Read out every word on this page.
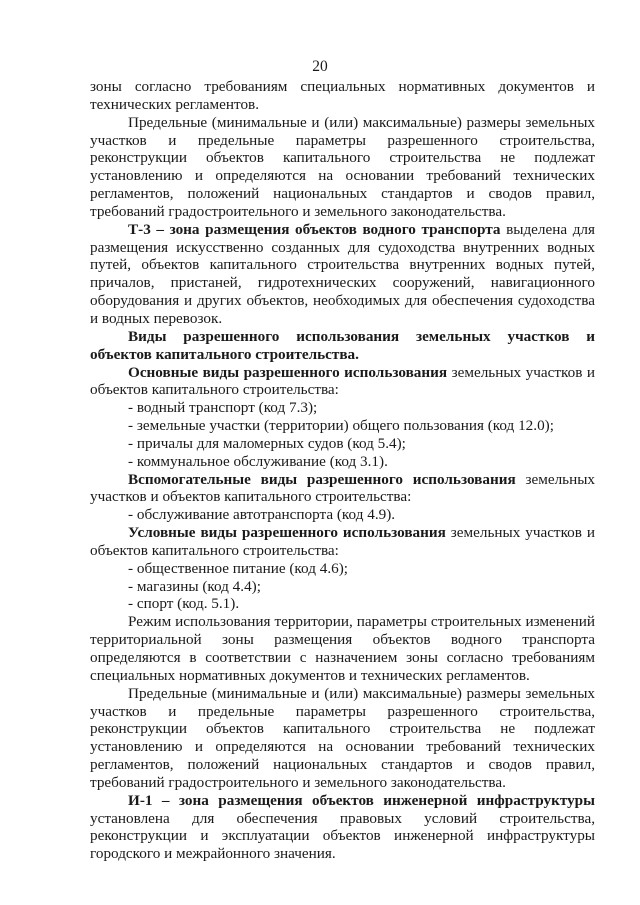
20

зоны согласно требованиям специальных нормативных документов и технических регламентов.

Предельные (минимальные и (или) максимальные) размеры земельных участков и предельные параметры разрешенного строительства, реконструкции объектов капитального строительства не подлежат установлению и определяются на основании требований технических регламентов, положений национальных стандартов и сводов правил, требований градостроительного и земельного законодательства.

Т-3 – зона размещения объектов водного транспорта выделена для размещения искусственно созданных для судоходства внутренних водных путей, объектов капитального строительства внутренних водных путей, причалов, пристаней, гидротехнических сооружений, навигационного оборудования и других объектов, необходимых для обеспечения судоходства и водных перевозок.

Виды разрешенного использования земельных участков и объектов капитального строительства.

Основные виды разрешенного использования земельных участков и объектов капитального строительства:

- водный транспорт (код 7.3);

- земельные участки (территории) общего пользования (код 12.0);

- причалы для маломерных судов (код 5.4);

- коммунальное обслуживание (код 3.1).

Вспомогательные виды разрешенного использования земельных участков и объектов капитального строительства:

- обслуживание автотранспорта (код 4.9).

Условные виды разрешенного использования земельных участков и объектов капитального строительства:

- общественное питание (код 4.6);

- магазины (код 4.4);

- спорт (код. 5.1).

Режим использования территории, параметры строительных изменений территориальной зоны размещения объектов водного транспорта определяются в соответствии с назначением зоны согласно требованиям специальных нормативных документов и технических регламентов.

Предельные (минимальные и (или) максимальные) размеры земельных участков и предельные параметры разрешенного строительства, реконструкции объектов капитального строительства не подлежат установлению и определяются на основании требований технических регламентов, положений национальных стандартов и сводов правил, требований градостроительного и земельного законодательства.

И-1 – зона размещения объектов инженерной инфраструктуры установлена для обеспечения правовых условий строительства, реконструкции и эксплуатации объектов инженерной инфраструктуры городского и межрайонного значения.
